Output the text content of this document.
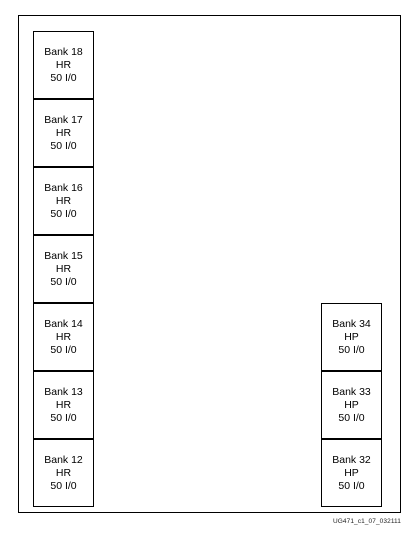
Bank 18
HR
50 I/0
Bank 17
HR
50 I/0
Bank 16
HR
50 I/0
Bank 15
HR
50 I/0
Bank 14
HR
50 I/0
Bank 13
HR
50 I/0
Bank 12
HR
50 I/0
Bank 34
HP
50 I/0
Bank 33
HP
50 I/0
Bank 32
HP
50 I/0
UG471_c1_07_032111
